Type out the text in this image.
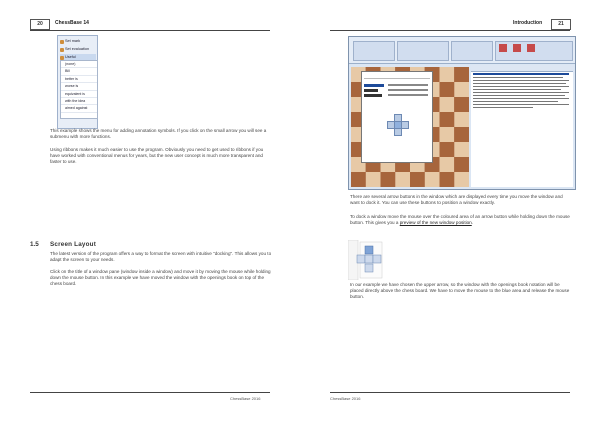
20	ChessBase 14
Set mark
Set evaluation
Useful
(none)
Bill
better is
worse is
equivalent is
with the idea
aimed against
This example shows the menu for adding annotation symbols. If you click on the small arrow you will see a submenu with more functions.
Using ribbons makes it much easier to use the program. Obviously you need to get used to ribbons if you have worked with conventional menus for years, but the new user concept is much more transparent and faster to use.
1.5 Screen Layout
The latest version of the program offers a way to format the screen with intuitive "docking". This allows you to adapt the screen to your needs.
Click on the title of a window pane (window inside a window) and move it by moving the mouse while holding down the mouse button. In this example we have moved the window with the openings book on top of the chess board.
ChessBase 2016
Introduction	21
ChessBase 2016
There are several arrow buttons in the window which are displayed every time you move the window and want to dock it. You can use these buttons to position a window exactly.
To dock a window move the mouse over the coloured area of an arrow button while holding down the mouse button. This gives you a preview of the new window position.
In our example we have chosen the upper arrow, so the window with the openings book notation will be placed directly above the chess board. We have to move the mouse to the blue area and release the mouse button.
